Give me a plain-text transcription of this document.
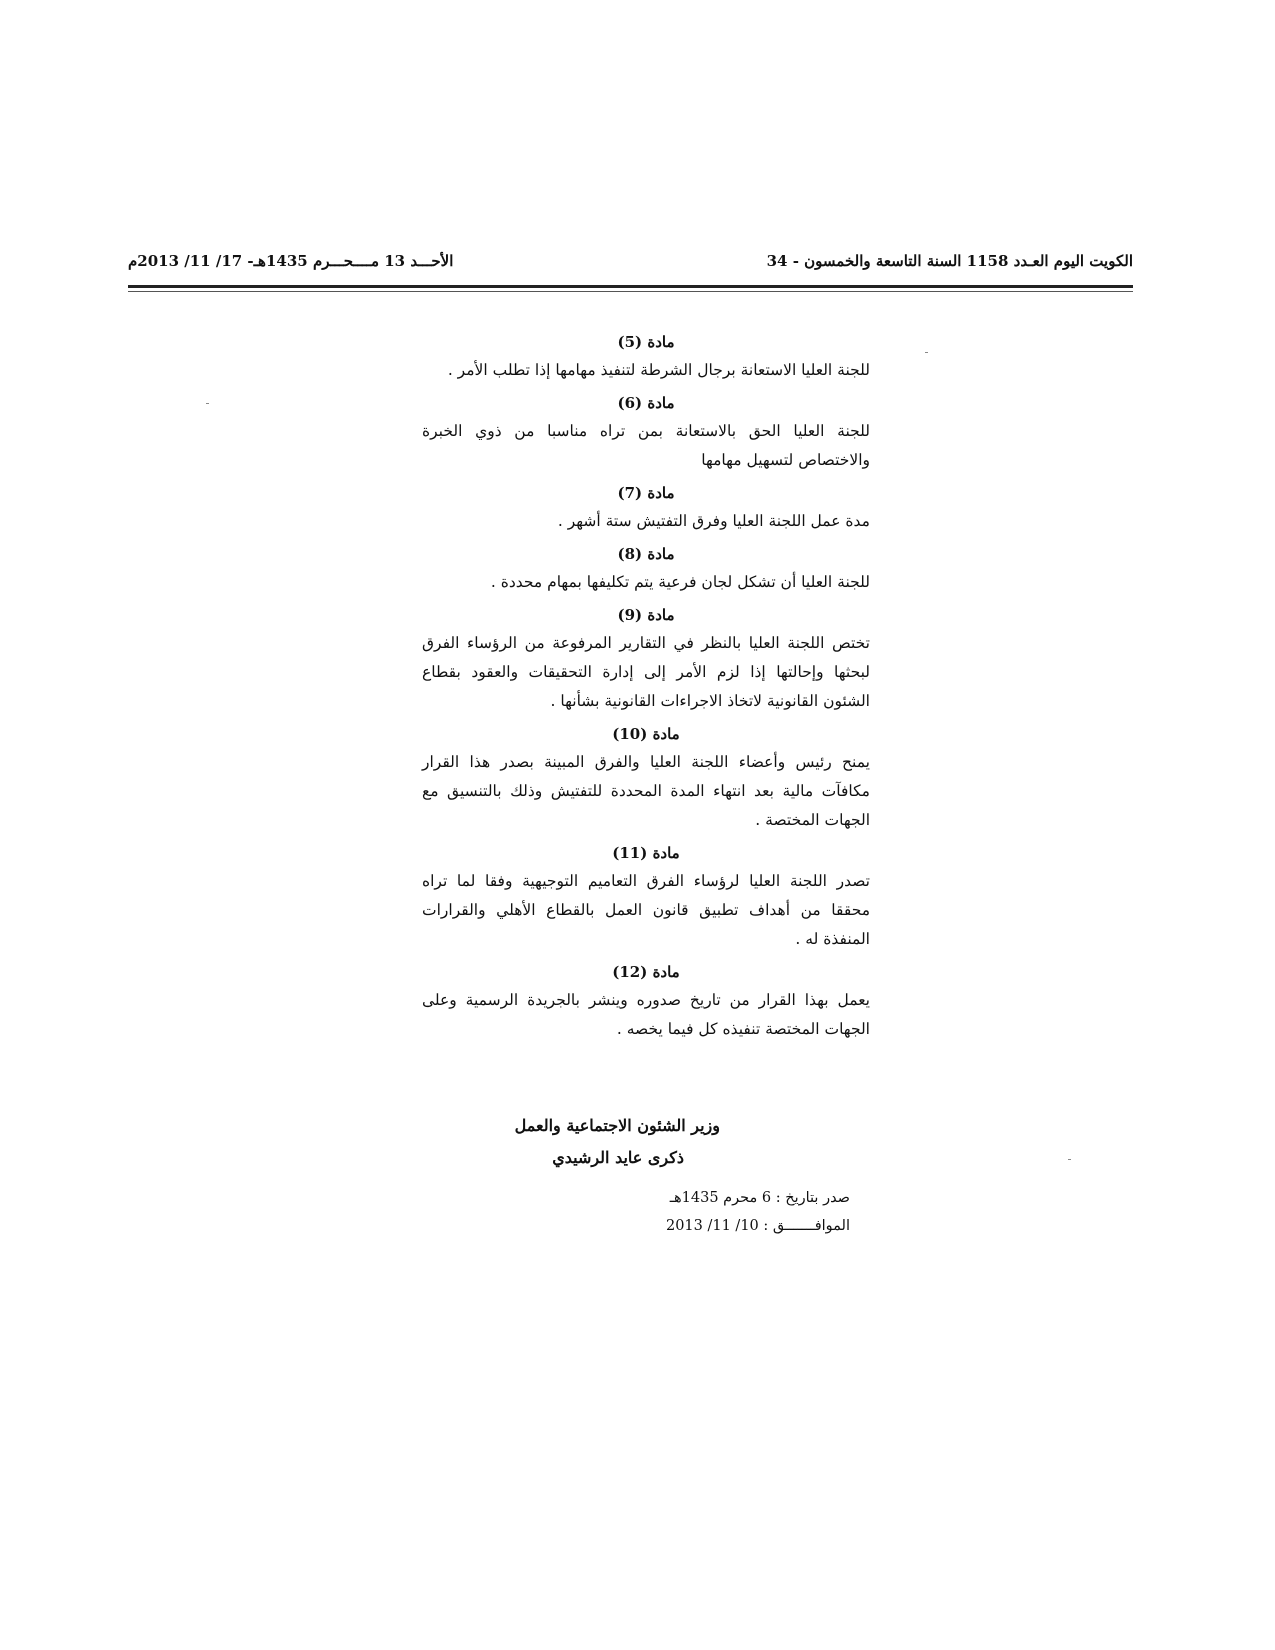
الكويت اليوم العـدد 1158 السنة التاسعة والخمسون - 34
الأحـــد 13 مــــحـــرم 1435هـ- 17/ 11/ 2013م

مادة (5)

للجنة العليا الاستعانة برجال الشرطة لتنفيذ مهامها إذا تطلب الأمر .

مادة (6)

للجنة العليا الحق بالاستعانة بمن تراه مناسبا من ذوي الخبرة والاختصاص لتسهيل مهامها

مادة (7)

مدة عمل اللجنة العليا وفرق التفتيش ستة أشهر .

مادة (8)

للجنة العليا أن تشكل لجان فرعية يتم تكليفها بمهام محددة .

مادة (9)

تختص اللجنة العليا بالنظر في التقارير المرفوعة من الرؤساء الفرق لبحثها وإحالتها إذا لزم الأمر إلى إدارة التحقيقات والعقود بقطاع الشئون القانونية لاتخاذ الاجراءات القانونية بشأنها .

مادة (10)

يمنح رئيس وأعضاء اللجنة العليا والفرق المبينة بصدر هذا القرار مكافآت مالية بعد انتهاء المدة المحددة للتفتيش وذلك بالتنسيق مع الجهات المختصة .

مادة (11)

تصدر اللجنة العليا لرؤساء الفرق التعاميم التوجيهية وفقا لما تراه محققا من أهداف تطبيق قانون العمل بالقطاع الأهلي والقرارات المنفذة له .

مادة (12)

يعمل بهذا القرار من تاريخ صدوره وينشر بالجريدة الرسمية وعلى الجهات المختصة تنفيذه كل فيما يخصه .

وزير الشئون الاجتماعية والعمل
ذكرى عايد الرشيدي
صدر بتاريخ : 6 محرم 1435هـ
الموافـــــــق : 10/ 11/ 2013
